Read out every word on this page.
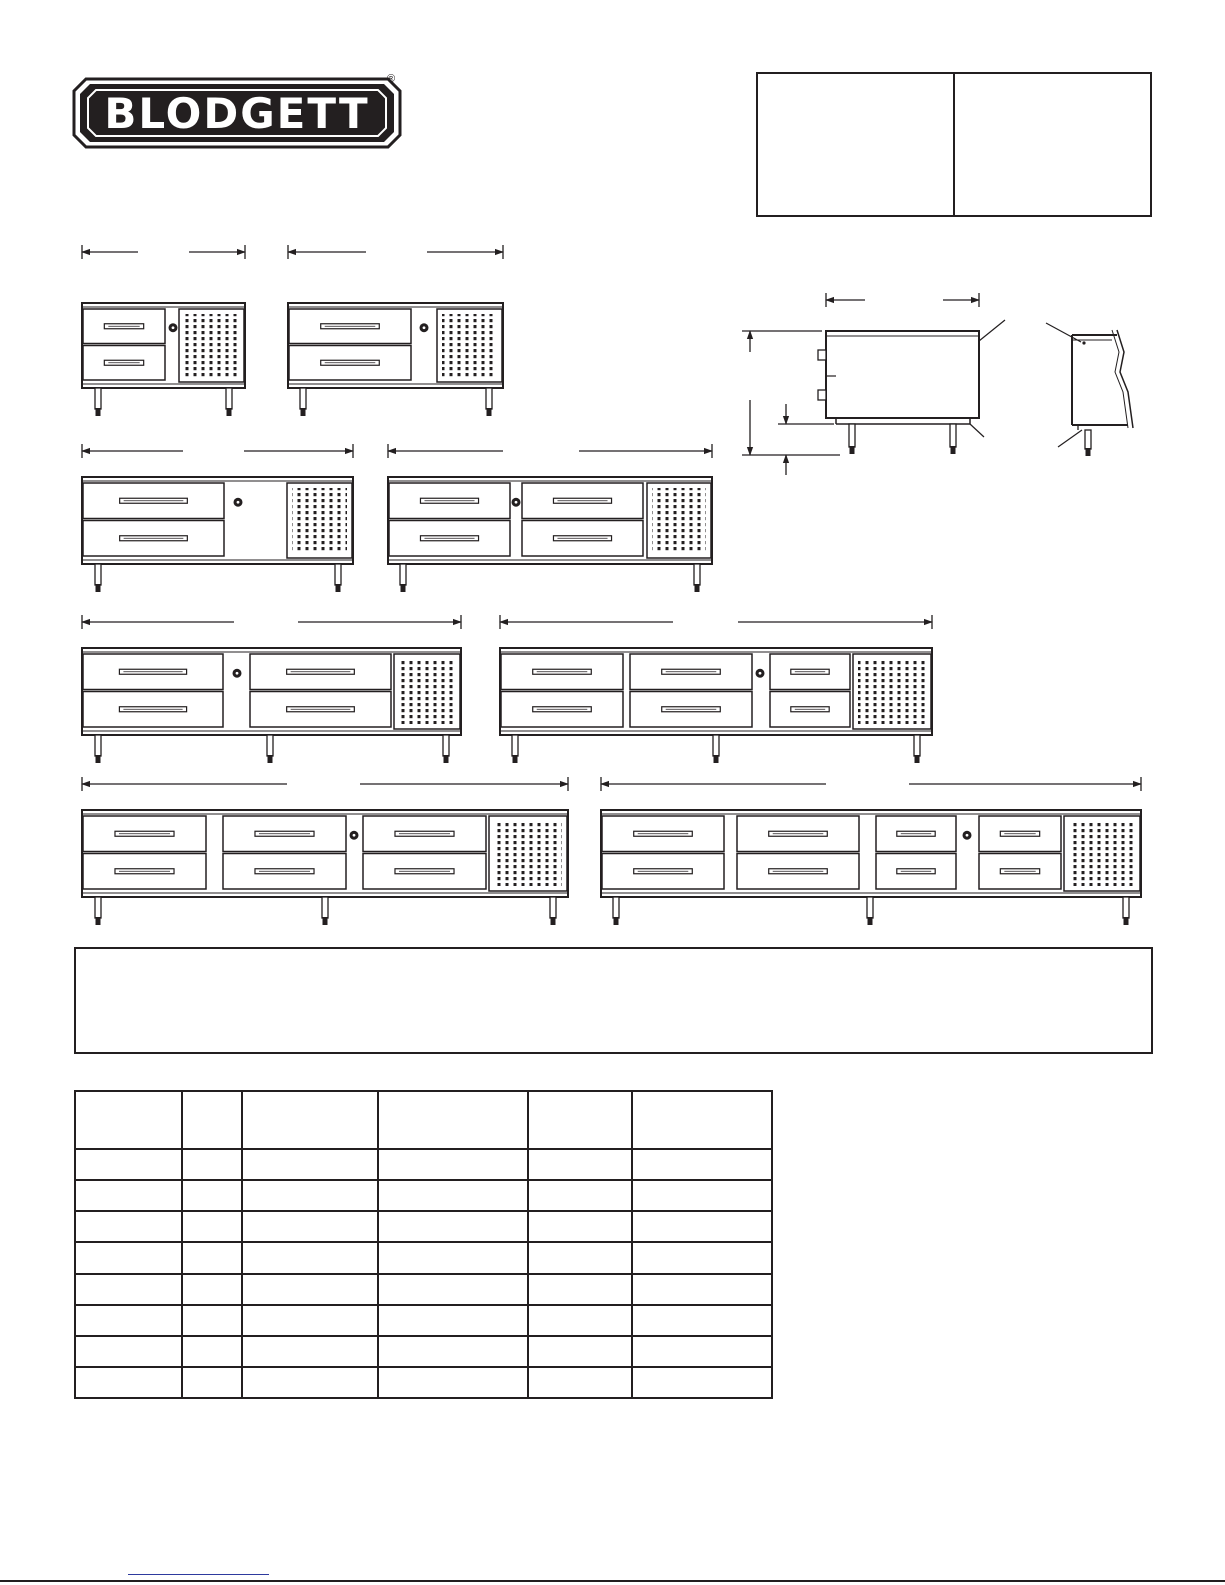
BLODGETT
®
